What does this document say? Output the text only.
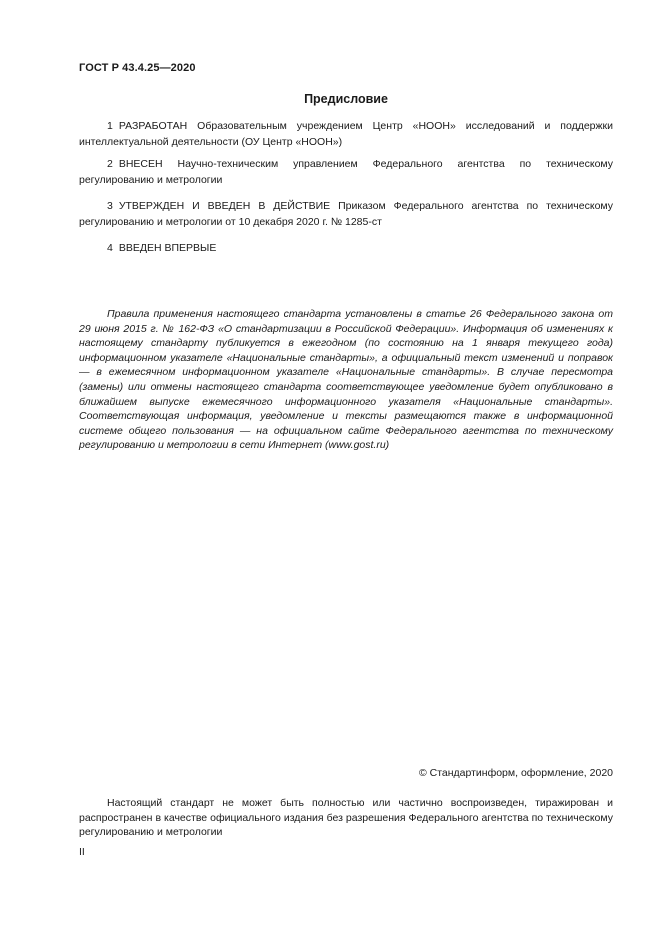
ГОСТ Р 43.4.25—2020
Предисловие

1 РАЗРАБОТАН Образовательным учреждением Центр «НООН» исследований и поддержки интеллектуальной деятельности (ОУ Центр «НООН»)

2 ВНЕСЕН Научно-техническим управлением Федерального агентства по техническому регулированию и метрологии

3 УТВЕРЖДЕН И ВВЕДЕН В ДЕЙСТВИЕ Приказом Федерального агентства по техническому регулированию и метрологии от 10 декабря 2020 г. № 1285-ст

4 ВВЕДЕН ВПЕРВЫЕ

Правила применения настоящего стандарта установлены в статье 26 Федерального закона от 29 июня 2015 г. № 162-ФЗ «О стандартизации в Российской Федерации». Информация об изменениях к настоящему стандарту публикуется в ежегодном (по состоянию на 1 января текущего года) информационном указателе «Национальные стандарты», а официальный текст изменений и поправок — в ежемесячном информационном указателе «Национальные стандарты». В случае пересмотра (замены) или отмены настоящего стандарта соответствующее уведомление будет опубликовано в ближайшем выпуске ежемесячного информационного указателя «Национальные стандарты». Соответствующая информация, уведомление и тексты размещаются также в информационной системе общего пользования — на официальном сайте Федерального агентства по техническому регулированию и метрологии в сети Интернет (www.gost.ru)

© Стандартинформ, оформление, 2020

Настоящий стандарт не может быть полностью или частично воспроизведен, тиражирован и распространен в качестве официального издания без разрешения Федерального агентства по техническому регулированию и метрологии

II
